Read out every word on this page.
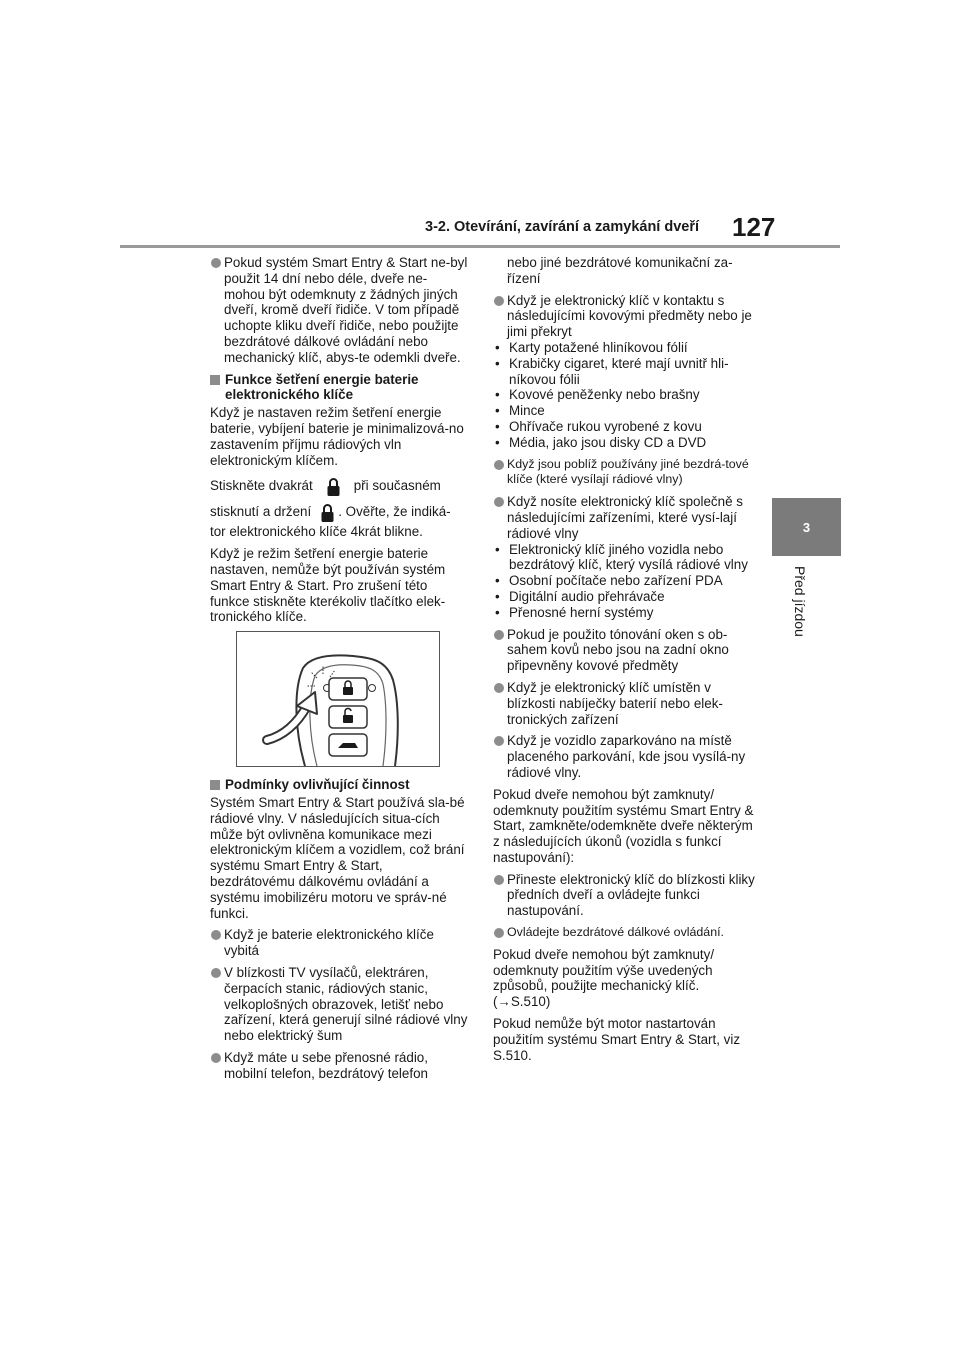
3-2. Otevírání, zavírání a zamykání dveří 127
3
Před jízdou

Pokud systém Smart Entry & Start ne-byl použit 14 dní nebo déle, dveře ne-mohou být odemknuty z žádných jiných dveří, kromě dveří řidiče. V tom případě uchopte kliku dveří řidiče, nebo použijte bezdrátové dálkové ovládání nebo mechanický klíč, abys-te odemkli dveře.

Funkce šetření energie baterie elektronického klíče

Když je nastaven režim šetření energie baterie, vybíjení baterie je minimalizová-no zastavením příjmu rádiových vln elektronickým klíčem.

Stiskněte dvakrát	při současném

stisknutí a držení . Ověřte, že indiká-

tor elektronického klíče 4krát blikne.

Když je režim šetření energie baterie nastaven, nemůže být používán systém Smart Entry & Start. Pro zrušení této funkce stiskněte kterékoliv tlačítko elek-tronického klíče.

Podmínky ovlivňující činnost

Systém Smart Entry & Start používá sla-bé rádiové vlny. V následujících situa-cích může být ovlivněna komunikace mezi elektronickým klíčem a vozidlem, což brání systému Smart Entry & Start, bezdrátovému dálkovému ovládání a systému imobilizéru motoru ve správ-né funkci.

Když je baterie elektronického klíče vybitá

V blízkosti TV vysílačů, elektráren, čerpacích stanic, rádiových stanic, velkoplošných obrazovek, letišť nebo zařízení, která generují silné rádiové vlny nebo elektrický šum

Když máte u sebe přenosné rádio, mobilní telefon, bezdrátový telefon

nebo jiné bezdrátové komunikační za-řízení

Když je elektronický klíč v kontaktu s následujícími kovovými předměty nebo je jimi překryt

• Karty potažené hliníkovou fólií

• Krabičky cigaret, které mají uvnitř hli-níkovou fólii

• Kovové peněženky nebo brašny

• Mince

• Ohřívače rukou vyrobené z kovu

• Média, jako jsou disky CD a DVD

Když jsou poblíž používány jiné bezdrá-tové klíče (které vysílají rádiové vlny)

Když nosíte elektronický klíč společně s následujícími zařízeními, které vysí-lají rádiové vlny

• Elektronický klíč jiného vozidla nebo bezdrátový klíč, který vysílá rádiové vlny

• Osobní počítače nebo zařízení PDA

• Digitální audio přehrávače

• Přenosné herní systémy

Pokud je použito tónování oken s ob-sahem kovů nebo jsou na zadní okno připevněny kovové předměty

Když je elektronický klíč umístěn v blízkosti nabíječky baterií nebo elek-tronických zařízení

Když je vozidlo zaparkováno na místě placeného parkování, kde jsou vysílá-ny rádiové vlny.

Pokud dveře nemohou být zamknuty/ odemknuty použitím systému Smart Entry & Start, zamkněte/odemkněte dveře některým z následujících úkonů (vozidla s funkcí nastupování):

Přineste elektronický klíč do blízkosti kliky předních dveří a ovládejte funkci nastupování.

Ovládejte bezdrátové dálkové ovládání.

Pokud dveře nemohou být zamknuty/ odemknuty použitím výše uvedených způsobů, použijte mechanický klíč.

(→S.510)

Pokud nemůže být motor nastartován použitím systému Smart Entry & Start, viz S.510.
